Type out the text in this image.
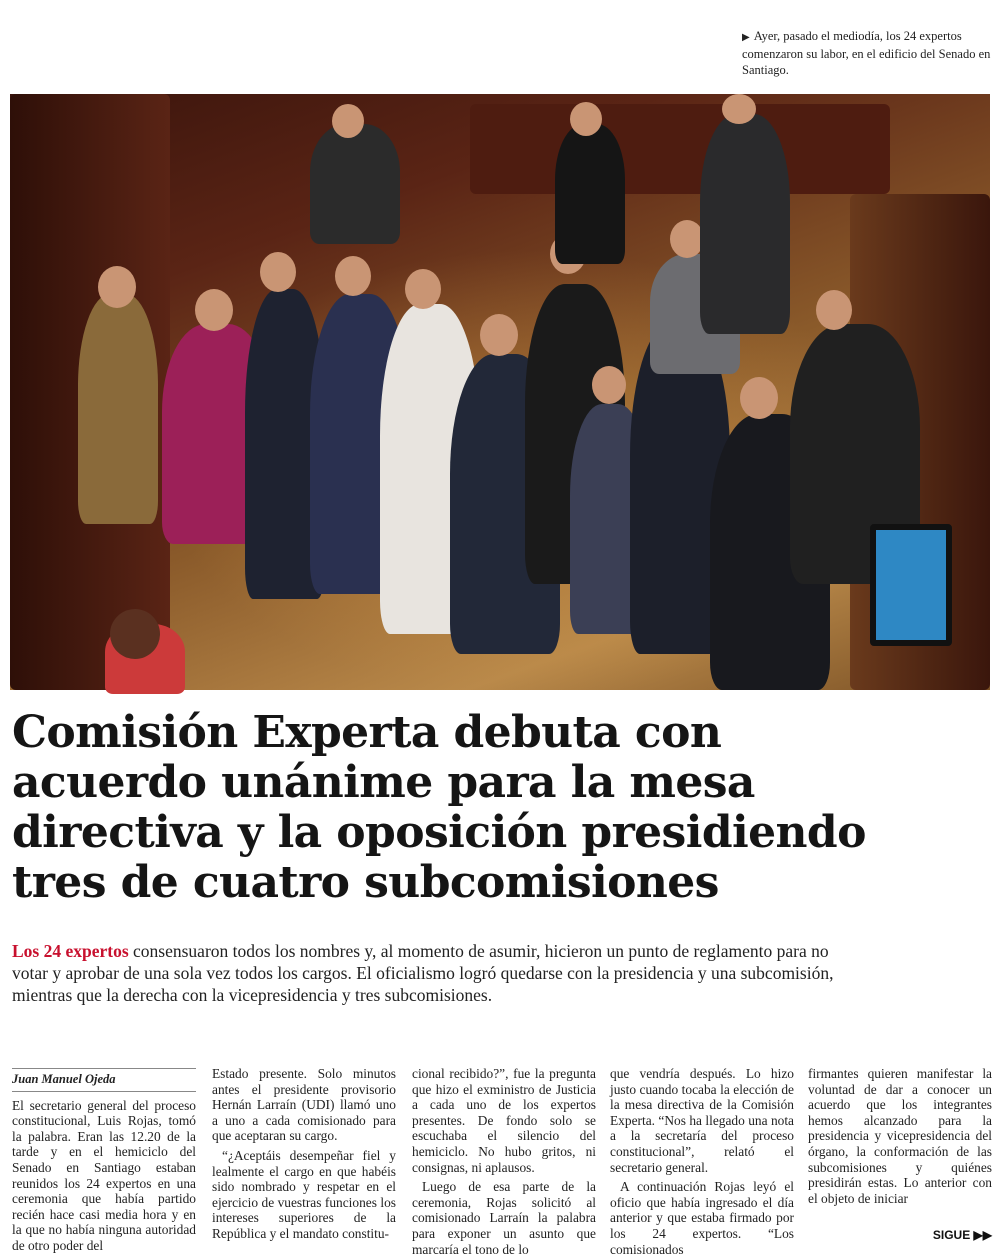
▶ Ayer, pasado el mediodía, los 24 expertos comenzaron su labor, en el edificio del Senado en Santiago.
Comisión Experta debuta con acuerdo unánime para la mesa directiva y la oposición presidiendo tres de cuatro subcomisiones

Los 24 expertos consensuaron todos los nombres y, al momento de asumir, hicieron un punto de reglamento para no votar y aprobar de una sola vez todos los cargos. El oficialismo logró quedarse con la presidencia y una subcomisión, mientras que la derecha con la vicepresidencia y tres subcomisiones.

Juan Manuel Ojeda

El secretario general del proceso constitucional, Luis Rojas, tomó la palabra. Eran las 12.20 de la tarde y en el hemiciclo del Senado en Santiago estaban reunidos los 24 expertos en una ceremonia que había partido recién hace casi media hora y en la que no había ninguna autoridad de otro poder del

Estado presente. Solo minutos antes el presidente provisorio Hernán Larraín (UDI) llamó uno a uno a cada comisionado para que aceptaran su cargo.

“¿Aceptáis desempeñar fiel y lealmente el cargo en que habéis sido nombrado y respetar en el ejercicio de vuestras funciones los intereses superiores de la República y el mandato constitu-

cional recibido?”, fue la pregunta que hizo el exministro de Justicia a cada uno de los expertos presentes. De fondo solo se escuchaba el silencio del hemiciclo. No hubo gritos, ni consignas, ni aplausos.

Luego de esa parte de la ceremonia, Rojas solicitó al comisionado Larraín la palabra para exponer un asunto que marcaría el tono de lo

que vendría después. Lo hizo justo cuando tocaba la elección de la mesa directiva de la Comisión Experta. “Nos ha llegado una nota a la secretaría del proceso constitucional”, relató el secretario general.

A continuación Rojas leyó el oficio que había ingresado el día anterior y que estaba firmado por los 24 expertos. “Los comisionados

firmantes quieren manifestar la voluntad de dar a conocer un acuerdo que los integrantes hemos alcanzado para la presidencia y vicepresidencia del órgano, la conformación de las subcomisiones y quiénes presidirán estas. Lo anterior con el objeto de iniciar

SIGUE ▶▶
